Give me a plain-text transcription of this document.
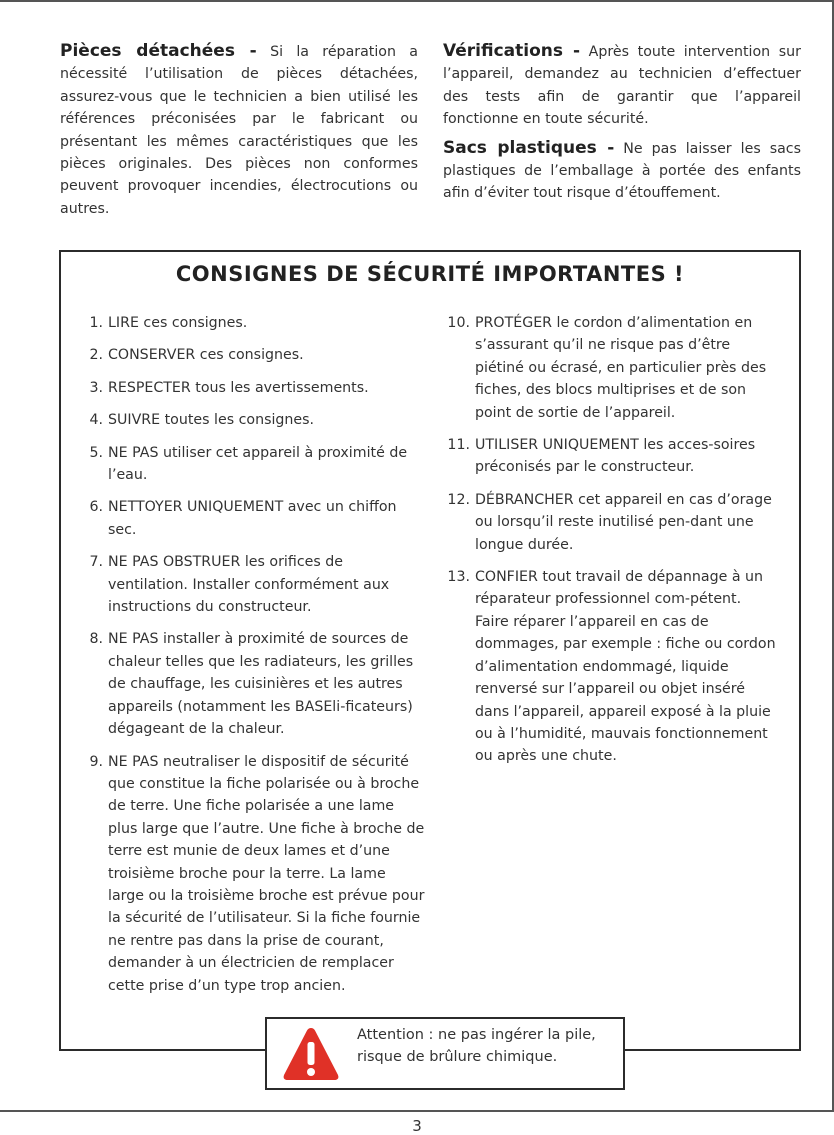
Pièces détachées - Si la réparation a nécessité l’utilisation de pièces détachées, assurez-vous que le technicien a bien utilisé les références préconisées par le fabricant ou présentant les mêmes caractéristiques que les pièces originales. Des pièces non conformes peuvent provoquer incendies, électrocutions ou autres.

Vérifications - Après toute intervention sur l’appareil, demandez au technicien d’effectuer des tests afin de garantir que l’appareil fonctionne en toute sécurité.

Sacs plastiques - Ne pas laisser les sacs plastiques de l’emballage à portée des enfants afin d’éviter tout risque d’étouffement.

CONSIGNES DE SÉCURITÉ IMPORTANTES !
1. LIRE ces consignes.
2. CONSERVER ces consignes.
3. RESPECTER tous les avertissements.
4. SUIVRE toutes les consignes.
5. NE PAS utiliser cet appareil à proximité de l’eau.
6. NETTOYER UNIQUEMENT avec un chiffon sec.
7. NE PAS OBSTRUER les orifices de ventilation. Installer conformément aux instructions du constructeur.
8. NE PAS installer à proximité de sources de chaleur telles que les radiateurs, les grilles de chauffage, les cuisinières et les autres appareils (notamment les BASEli-ficateurs) dégageant de la chaleur.
9. NE PAS neutraliser le dispositif de sécurité que constitue la fiche polarisée ou à broche de terre. Une fiche polarisée a une lame plus large que l’autre. Une fiche à broche de terre est munie de deux lames et d’une troisième broche pour la terre. La lame large ou la troisième broche est prévue pour la sécurité de l’utilisateur. Si la fiche fournie ne rentre pas dans la prise de courant, demander à un électricien de remplacer cette prise d’un type trop ancien.
10. PROTÉGER le cordon d’alimentation en s’assurant qu’il ne risque pas d’être piétiné ou écrasé, en particulier près des fiches, des blocs multiprises et de son point de sortie de l’appareil.
11. UTILISER UNIQUEMENT les acces-soires préconisés par le constructeur.
12. DÉBRANCHER cet appareil en cas d’orage ou lorsqu’il reste inutilisé pen-dant une longue durée.
13. CONFIER tout travail de dépannage à un réparateur professionnel com-pétent. Faire réparer l’appareil en cas de dommages, par exemple : fiche ou cordon d’alimentation endommagé, liquide renversé sur l’appareil ou objet inséré dans l’appareil, appareil exposé à la pluie ou à l’humidité, mauvais fonctionnement ou après une chute.
Attention : ne pas ingérer la pile,
risque de brûlure chimique.
3
